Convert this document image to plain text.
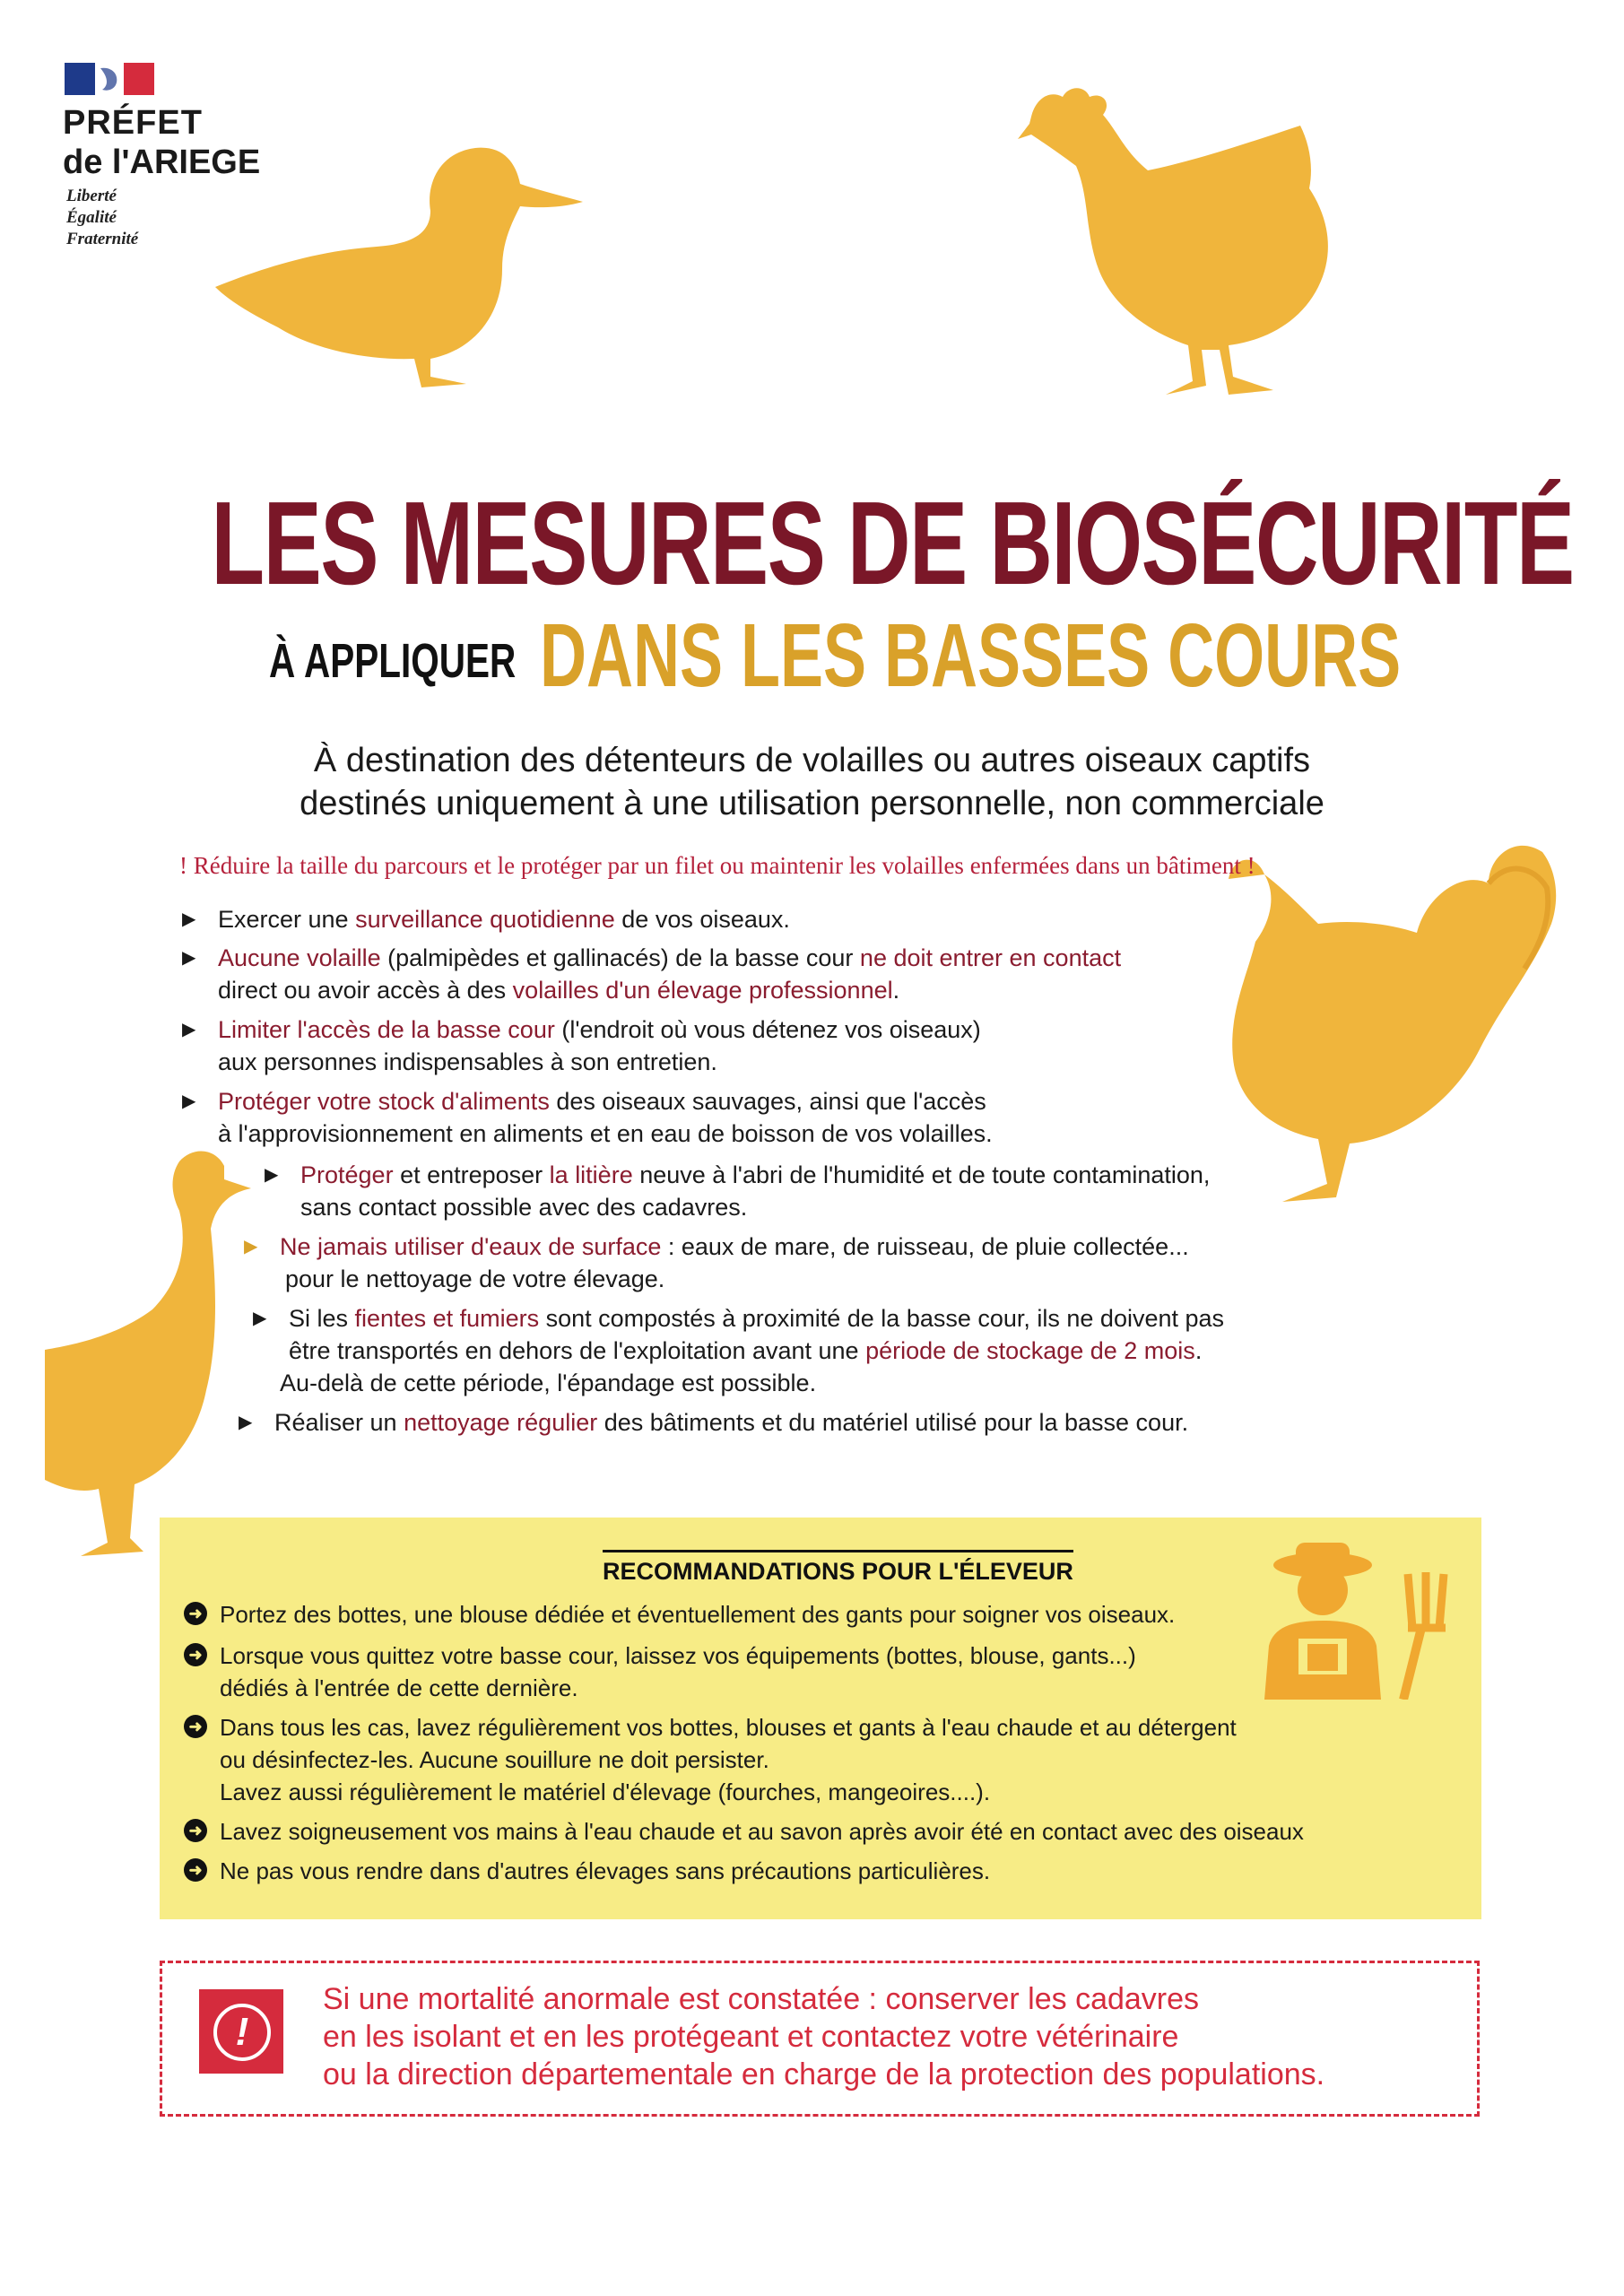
PRÉFET
de l'ARIEGE
Liberté
Égalité
Fraternité
LES MESURES DE BIOSÉCURITÉ
À APPLIQUER DANS LES BASSES COURS
À destination des détenteurs de volailles ou autres oiseaux captifs
destinés uniquement à une utilisation personnelle, non commerciale
! Réduire la taille du parcours et le protéger par un filet ou maintenir les volailles enfermées dans un bâtiment !
▶ Exercer une surveillance quotidienne de vos oiseaux.
▶ Aucune volaille (palmipèdes et gallinacés) de la basse cour ne doit entrer en contact
direct ou avoir accès à des volailles d'un élevage professionnel.
▶ Limiter l'accès de la basse cour (l'endroit où vous détenez vos oiseaux)
aux personnes indispensables à son entretien.
▶ Protéger votre stock d'aliments des oiseaux sauvages, ainsi que l'accès
à l'approvisionnement en aliments et en eau de boisson de vos volailles.
▶ Protéger et entreposer la litière neuve à l'abri de l'humidité et de toute contamination,
sans contact possible avec des cadavres.
▶ Ne jamais utiliser d'eaux de surface : eaux de mare, de ruisseau, de pluie collectée...
pour le nettoyage de votre élevage.
▶ Si les fientes et fumiers sont compostés à proximité de la basse cour, ils ne doivent pas
être transportés en dehors de l'exploitation avant une période de stockage de 2 mois.
Au-delà de cette période, l'épandage est possible.
▶ Réaliser un nettoyage régulier des bâtiments et du matériel utilisé pour la basse cour.
RECOMMANDATIONS POUR L'ÉLEVEUR
➜ Portez des bottes, une blouse dédiée et éventuellement des gants pour soigner vos oiseaux.
➜ Lorsque vous quittez votre basse cour, laissez vos équipements (bottes, blouse, gants...)
dédiés à l'entrée de cette dernière.
➜ Dans tous les cas, lavez régulièrement vos bottes, blouses et gants à l'eau chaude et au détergent
ou désinfectez-les. Aucune souillure ne doit persister.
Lavez aussi régulièrement le matériel d'élevage (fourches, mangeoires....).
➜ Lavez soigneusement vos mains à l'eau chaude et au savon après avoir été en contact avec des oiseaux
➜ Ne pas vous rendre dans d'autres élevages sans précautions particulières.
!
Si une mortalité anormale est constatée : conserver les cadavres
en les isolant et en les protégeant et contactez votre vétérinaire
ou la direction départementale en charge de la protection des populations.
